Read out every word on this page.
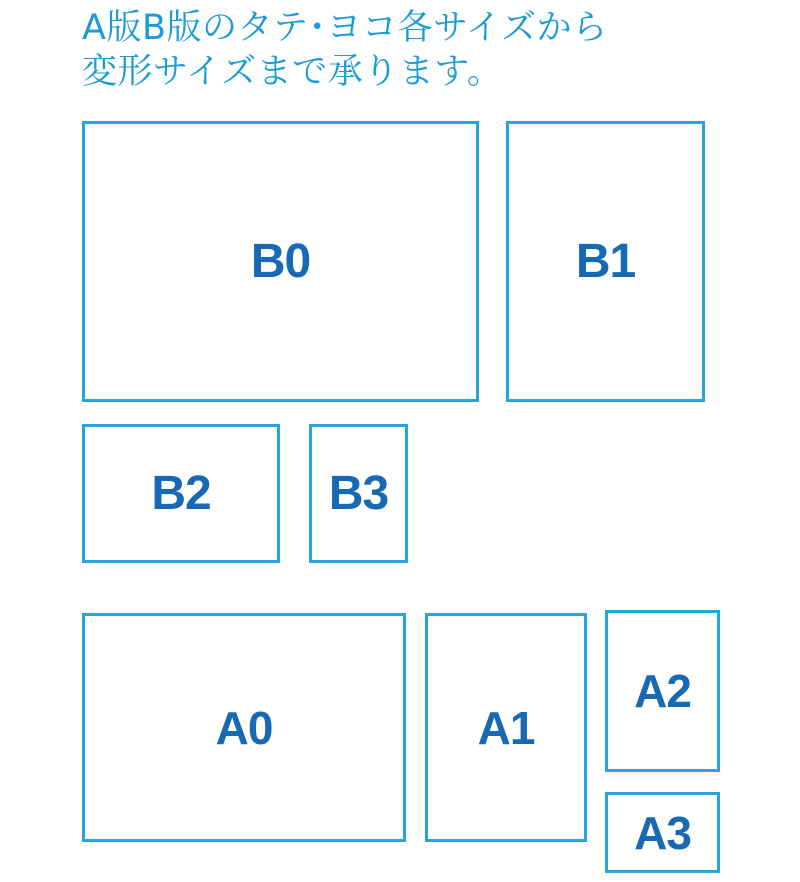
A版B版のタテ･ヨコ各サイズから
変形サイズまで承ります。
B0	B1
B2 B3
A0	A1
A2
A3
